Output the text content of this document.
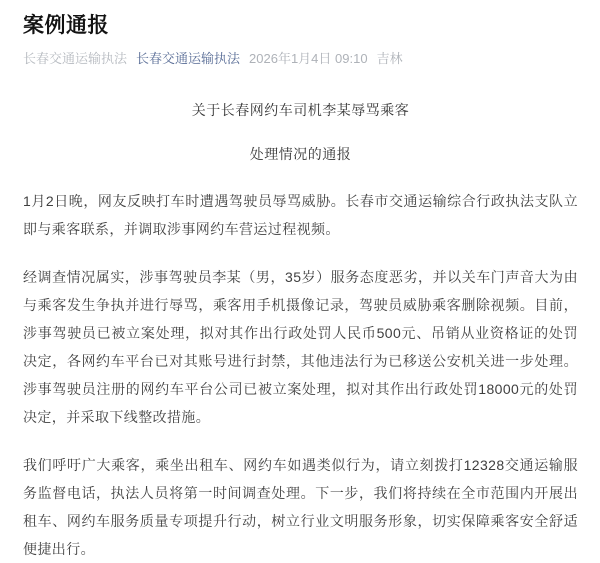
案例通报
长春交通运输执法 长春交通运输执法 2026年1月4日 09:10 吉林

关于长春网约车司机李某辱骂乘客

处理情况的通报

1月2日晚，网友反映打车时遭遇驾驶员辱骂威胁。长春市交通运输综合行政执法支队立即与乘客联系，并调取涉事网约车营运过程视频。

经调查情况属实，涉事驾驶员李某（男，35岁）服务态度恶劣，并以关车门声音大为由与乘客发生争执并进行辱骂，乘客用手机摄像记录，驾驶员威胁乘客删除视频。目前，涉事驾驶员已被立案处理，拟对其作出行政处罚人民币500元、吊销从业资格证的处罚决定，各网约车平台已对其账号进行封禁，其他违法行为已移送公安机关进一步处理。涉事驾驶员注册的网约车平台公司已被立案处理，拟对其作出行政处罚18000元的处罚决定，并采取下线整改措施。

我们呼吁广大乘客，乘坐出租车、网约车如遇类似行为，请立刻拨打12328交通运输服务监督电话，执法人员将第一时间调查处理。下一步，我们将持续在全市范围内开展出租车、网约车服务质量专项提升行动，树立行业文明服务形象，切实保障乘客安全舒适便捷出行。
